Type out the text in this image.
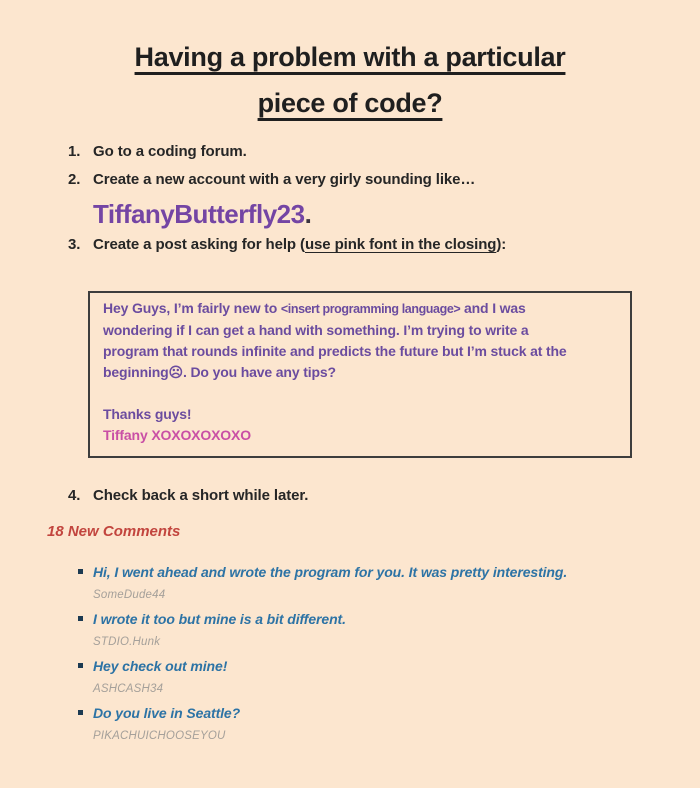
Having a problem with a particular
piece of code?
1. Go to a coding forum.
2. Create a new account with a very girly sounding like…
TiffanyButterfly23.
3. Create a post asking for help (use pink font in the closing):
Hey Guys, I’m fairly new to <insert programming language> and I was
wondering if I can get a hand with something. I’m trying to write a
program that rounds infinite and predicts the future but I’m stuck at the
beginning☹. Do you have any tips?
Thanks guys!
Tiffany XOXOXOXOXO
4. Check back a short while later.
18 New Comments
Hi, I went ahead and wrote the program for you. It was pretty interesting.
SomeDude44
I wrote it too but mine is a bit different.
STDIO.Hunk
Hey check out mine!
ASHCASH34
Do you live in Seattle?
PIKACHUICHOOSEYOU
